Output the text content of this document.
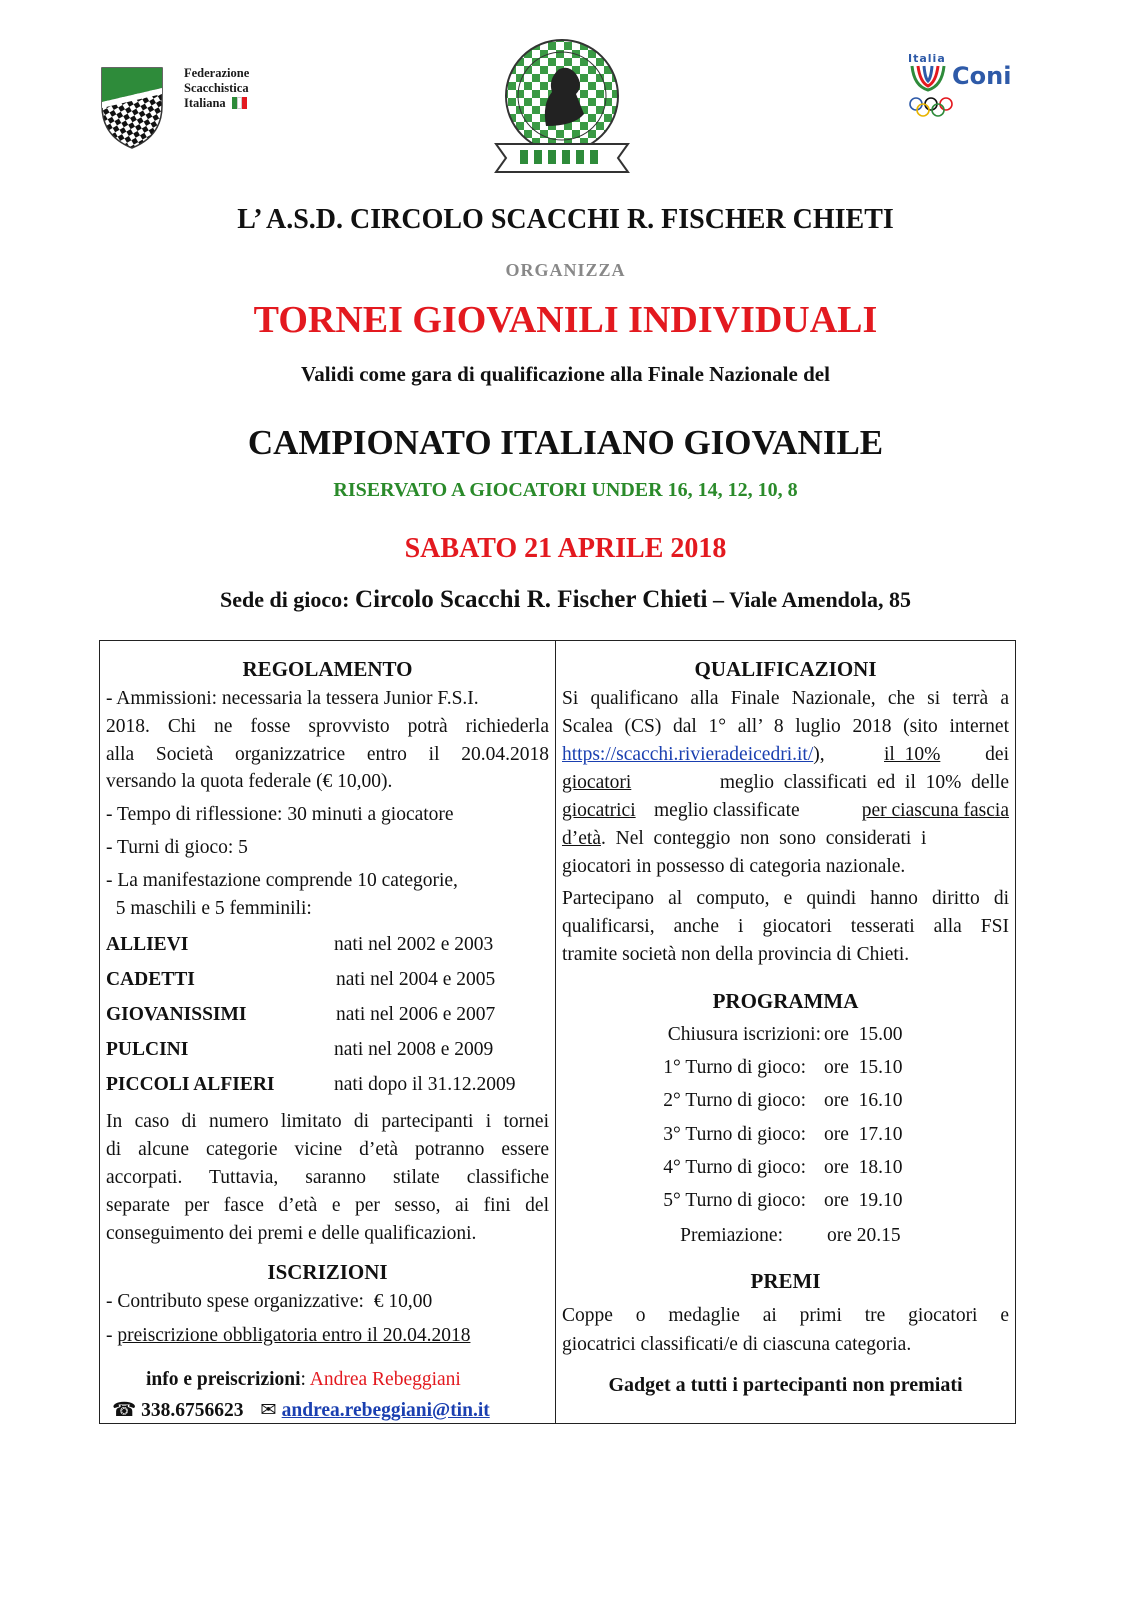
Federazione
Scacchistica
Italiana
Italia
Coni
L’ A.S.D. CIRCOLO SCACCHI R. FISCHER CHIETI
ORGANIZZA
TORNEI GIOVANILI INDIVIDUALI
Validi come gara di qualificazione alla Finale Nazionale del
CAMPIONATO ITALIANO GIOVANILE
RISERVATO A GIOCATORI UNDER 16, 14, 12, 10, 8
SABATO 21 APRILE 2018
Sede di gioco: Circolo Scacchi R. Fischer Chieti – Viale Amendola, 85
REGOLAMENTO
- Ammissioni: necessaria la tessera Junior F.S.I.
2018. Chi ne fosse sprovvisto potrà richiederla
alla Società organizzatrice entro il 20.04.2018
versando la quota federale (€ 10,00).
- Tempo di riflessione: 30 minuti a giocatore
- Turni di gioco: 5
- La manifestazione comprende 10 categorie,
5 maschili e 5 femminili:
ALLIEVI	nati nel 2002 e 2003
CADETTI	nati nel 2004 e 2005
GIOVANISSIMI	nati nel 2006 e 2007
PULCINI	nati nel 2008 e 2009
PICCOLI ALFIERI	nati dopo il 31.12.2009
In caso di numero limitato di partecipanti i tornei
di alcune categorie vicine d’età potranno essere
accorpati. Tuttavia, saranno stilate classifiche
separate per fasce d’età e per sesso, ai fini del
conseguimento dei premi e delle qualificazioni.
ISCRIZIONI
- Contributo spese organizzative:  € 10,00
- preiscrizione obbligatoria entro il 20.04.2018
info e preiscrizioni: Andrea Rebeggiani
☎ 338.6756623 ✉ andrea.rebeggiani@tin.it
QUALIFICAZIONI
Si qualificano alla Finale Nazionale, che si terrà a
Scalea (CS) dal 1° all’ 8 luglio 2018 (sito internet
https://scacchi.rivieradeicedri.it/),	il  10% dei
giocatori	meglio  classificati  ed  il  10%  delle
giocatrici meglio classificate	per ciascuna fascia
d’età.  Nel  conteggio  non  sono  considerati  i
giocatori in possesso di categoria nazionale.
Partecipano al computo, e quindi hanno diritto di
qualificarsi, anche i giocatori tesserati alla FSI
tramite società non della provincia di Chieti.
PROGRAMMA
Chiusura iscrizioni: ore  15.00
1° Turno di gioco: ore  15.10
2° Turno di gioco: ore  16.10
3° Turno di gioco: ore  17.10
4° Turno di gioco: ore  18.10
5° Turno di gioco: ore  19.10
Premiazione: ore 20.15
PREMI
Coppe o medaglie ai primi tre giocatori e
giocatrici classificati/e di ciascuna categoria.
Gadget a tutti i partecipanti non premiati
